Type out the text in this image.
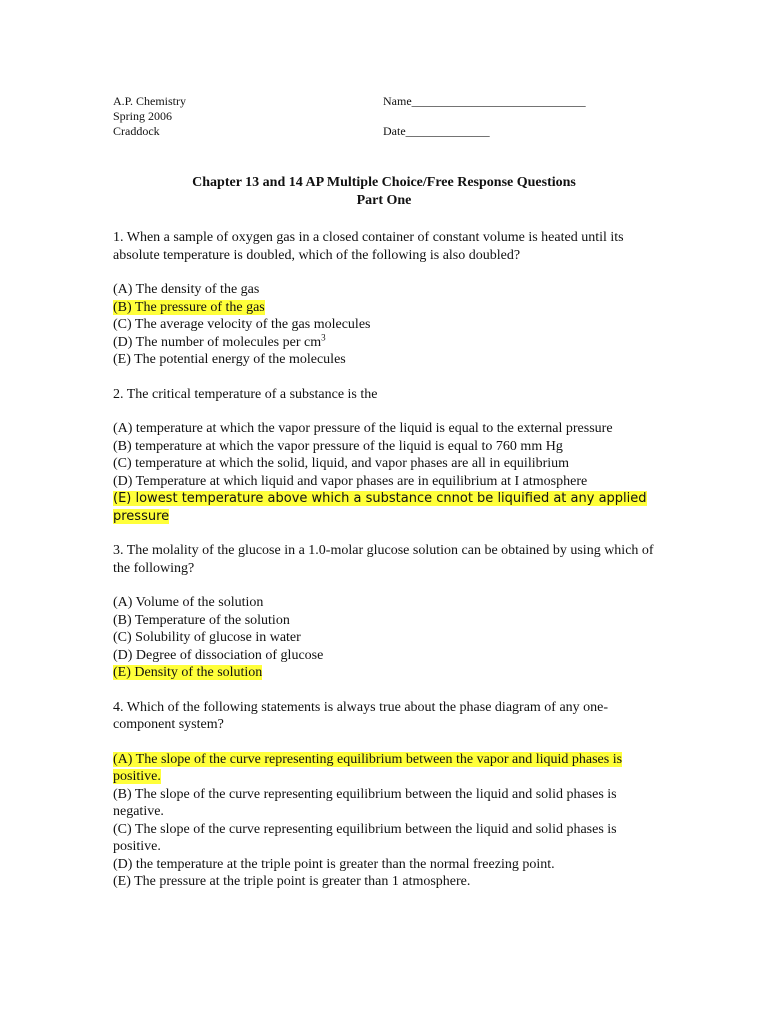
A.P. Chemistry
Spring 2006
Craddock
Name_____________________________
Date______________
Chapter 13 and 14 AP Multiple Choice/Free Response Questions
Part One
1. When a sample of oxygen gas in a closed container of constant volume is heated until its absolute temperature is doubled, which of the following is also doubled?
(A) The density of the gas
(B) The pressure of the gas
(C) The average velocity of the gas molecules
(D) The number of molecules per $cm^3$
(E) The potential energy of the molecules
2. The critical temperature of a substance is the
(A) temperature at which the vapor pressure of the liquid is equal to the external pressure
(B) temperature at which the vapor pressure of the liquid is equal to 760 mm Hg
(C) temperature at which the solid, liquid, and vapor phases are all in equilibrium
(D) Temperature at which liquid and vapor phases are in equilibrium at I atmosphere
(E) lowest temperature above which a substance cnnot be liquified at any applied pressure
3. The molality of the glucose in a 1.0-molar glucose solution can be obtained by using which of the following?
(A) Volume of the solution
(B) Temperature of the solution
(C) Solubility of glucose in water
(D) Degree of dissociation of glucose
(E) Density of the solution
4. Which of the following statements is always true about the phase diagram of any one-component system?
(A) The slope of the curve representing equilibrium between the vapor and liquid phases is positive.
(B) The slope of the curve representing equilibrium between the liquid and solid phases is negative.
(C) The slope of the curve representing equilibrium between the liquid and solid phases is positive.
(D) the temperature at the triple point is greater than the normal freezing point.
(E) The pressure at the triple point is greater than 1 atmosphere.
